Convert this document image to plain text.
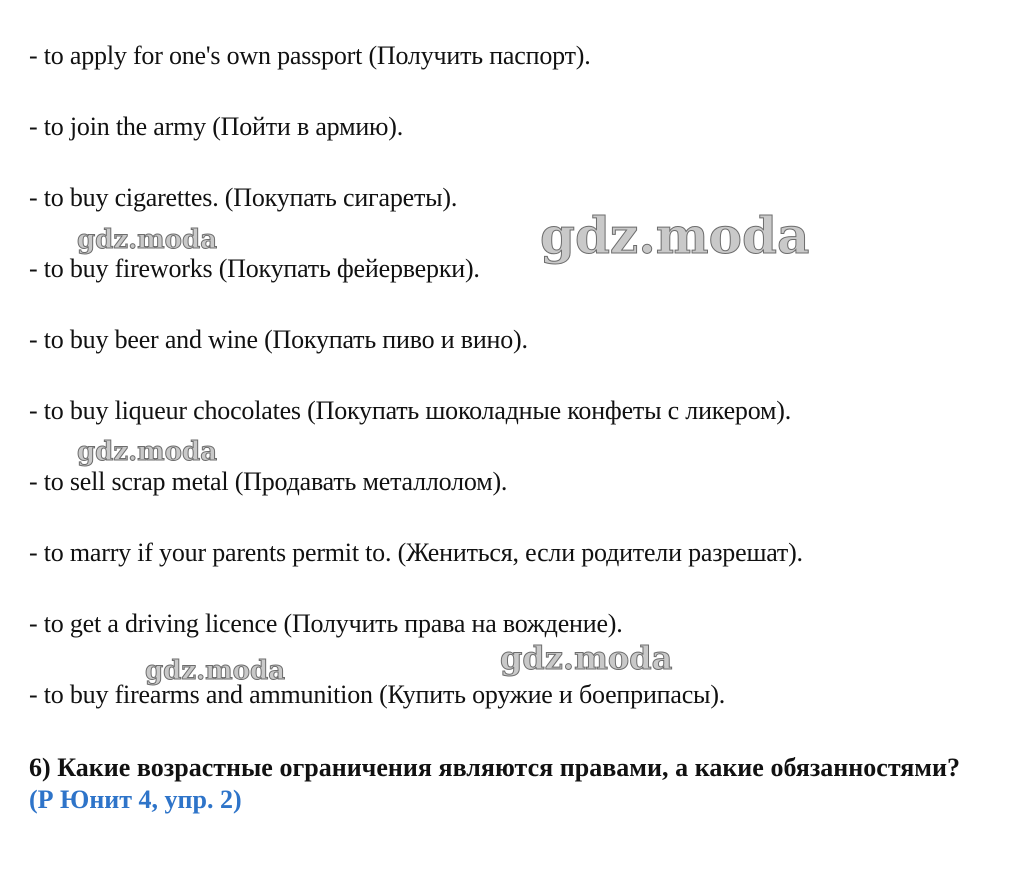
- to apply for one's own passport (Получить паспорт).
- to join the army (Пойти в армию).
- to buy cigarettes. (Покупать сигареты).
- to buy fireworks (Покупать фейерверки).
- to buy beer and wine (Покупать пиво и вино).
- to buy liqueur chocolates (Покупать шоколадные конфеты с ликером).
- to sell scrap metal (Продавать металлолом).
- to marry if your parents permit to. (Жениться, если родители разрешат).
- to get a driving licence (Получить права на вождение).
- to buy firearms and ammunition (Купить оружие и боеприпасы).
6) Какие возрастные ограничения являются правами, а какие обязанностями? (Р Юнит 4, упр. 2)
gdz.moda	gdz.moda
gdz.moda
gdz.moda	gdz.moda
